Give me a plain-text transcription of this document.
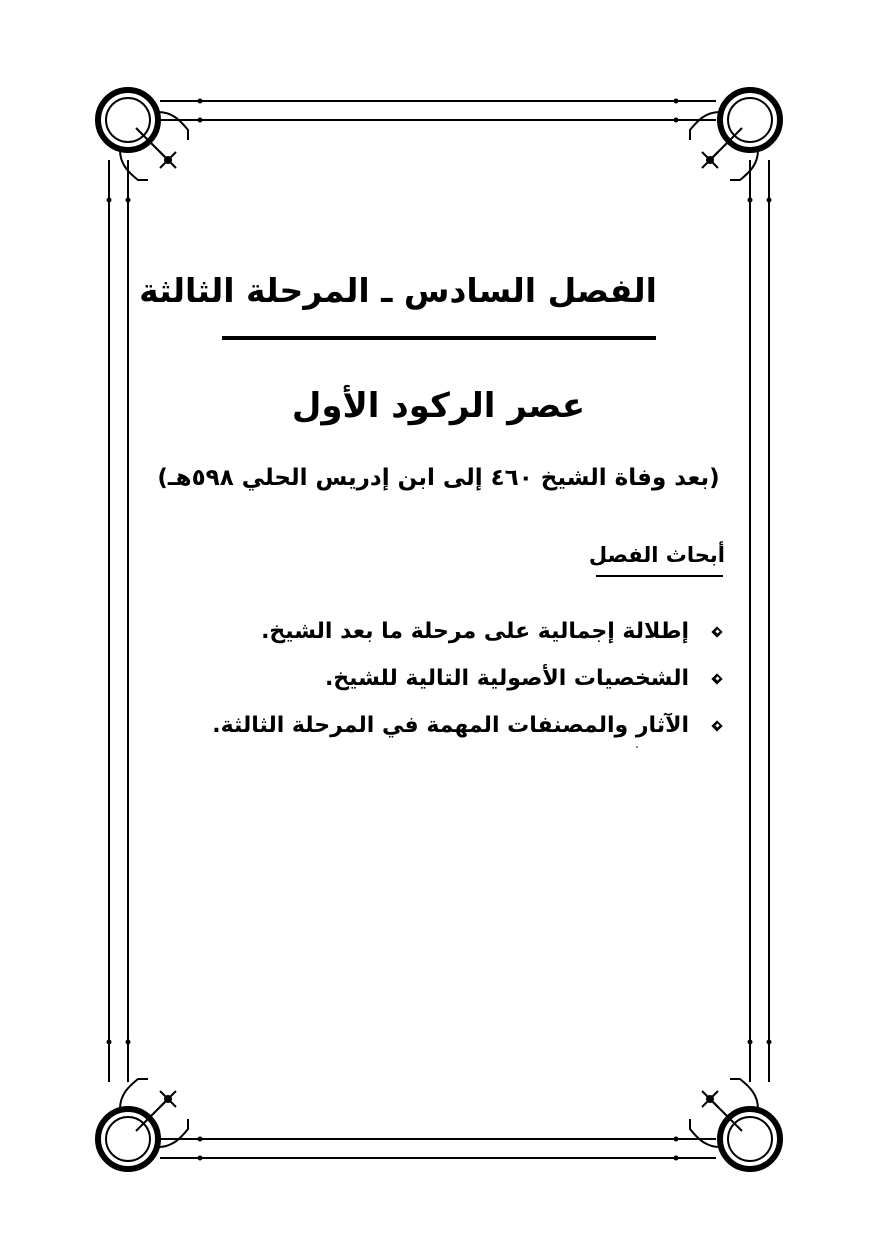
الفصل السادس ـ المرحلة الثالثة
عصر الركود الأول
(بعد وفاة الشيخ ٤٦٠ إلى ابن إدريس الحلي ٥٩٨هـ)
أبحاث الفصل
إطلالة إجمالية على مرحلة ما بعد الشيخ.
الشخصيات الأصولية التالية للشيخ.
الآثار والمصنفات المهمة في المرحلة الثالثة.
